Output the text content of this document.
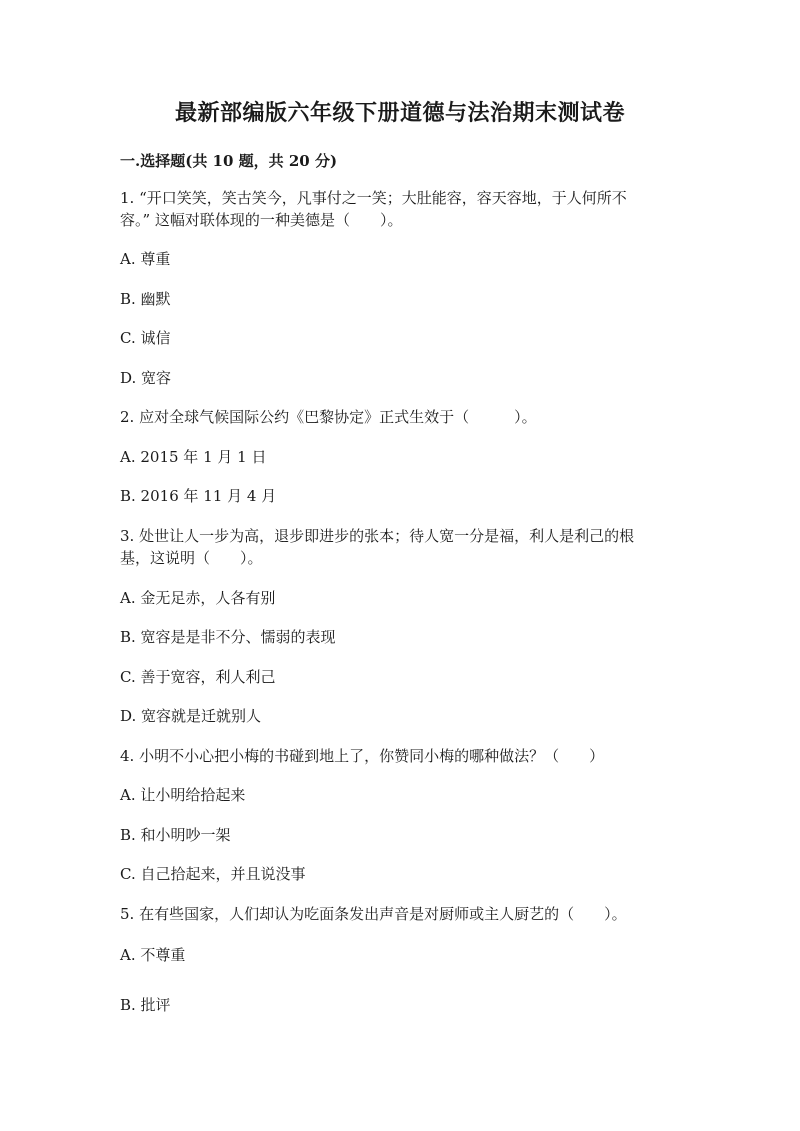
最新部编版六年级下册道德与法治期末测试卷
一.选择题(共 10 题，共 20 分)
1. “开口笑笑，笑古笑今，凡事付之一笑；大肚能容，容天容地，于人何所不
容。” 这幅对联体现的一种美德是（　　）。
A. 尊重
B. 幽默
C. 诚信
D. 宽容
2. 应对全球气候国际公约《巴黎协定》正式生效于（　　　）。
A. 2015 年 1 月 1 日
B. 2016 年 11 月 4 月
3. 处世让人一步为高，退步即进步的张本；待人宽一分是福，利人是利己的根
基，这说明（　　）。
A. 金无足赤，人各有别
B. 宽容是是非不分、懦弱的表现
C. 善于宽容，利人利己
D. 宽容就是迁就别人
4. 小明不小心把小梅的书碰到地上了，你赞同小梅的哪种做法？（　　）
A. 让小明给拾起来
B. 和小明吵一架
C. 自己拾起来，并且说没事
5. 在有些国家，人们却认为吃面条发出声音是对厨师或主人厨艺的（　　）。
A. 不尊重
B. 批评
